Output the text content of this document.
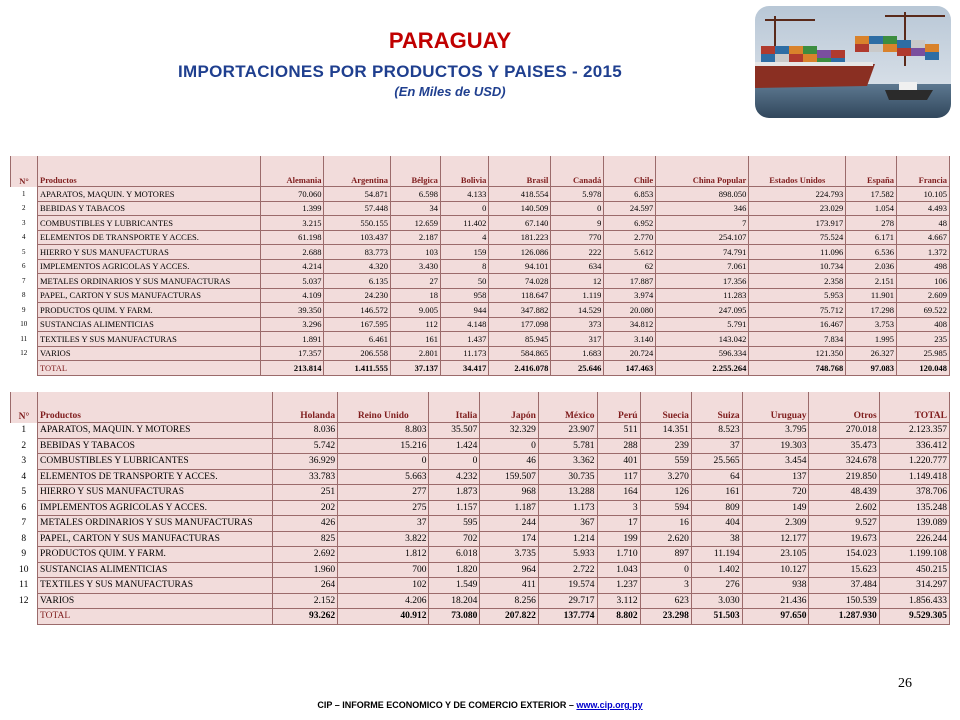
PARAGUAY
IMPORTACIONES POR PRODUCTOS Y PAISES - 2015
(En Miles de USD)
N°	Productos	Alemania	Argentina	Bélgica	Bolivia	Brasil	Canadá	Chile	China Popular	Estados Unidos	España	Francia
1	APARATOS, MAQUIN. Y MOTORES	70.060	54.871	6.598	4.133	418.554	5.978	6.853	898.050	224.793	17.582	10.105
2	BEBIDAS Y TABACOS	1.399	57.448	34	0	140.509	0	24.597	346	23.029	1.054	4.493
3	COMBUSTIBLES Y LUBRICANTES	3.215	550.155	12.659	11.402	67.140	9	6.952	7	173.917	278	48
4	ELEMENTOS DE TRANSPORTE Y ACCES.	61.198	103.437	2.187	4	181.223	770	2.770	254.107	75.524	6.171	4.667
5	HIERRO Y SUS MANUFACTURAS	2.688	83.773	103	159	126.086	222	5.612	74.791	11.096	6.536	1.372
6	IMPLEMENTOS AGRICOLAS Y ACCES.	4.214	4.320	3.430	8	94.101	634	62	7.061	10.734	2.036	498
7	METALES ORDINARIOS Y SUS MANUFACTURAS	5.037	6.135	27	50	74.028	12	17.887	17.356	2.358	2.151	106
8	PAPEL, CARTON Y SUS MANUFACTURAS	4.109	24.230	18	958	118.647	1.119	3.974	11.283	5.953	11.901	2.609
9	PRODUCTOS QUIM. Y FARM.	39.350	146.572	9.005	944	347.882	14.529	20.080	247.095	75.712	17.298	69.522
10	SUSTANCIAS ALIMENTICIAS	3.296	167.595	112	4.148	177.098	373	34.812	5.791	16.467	3.753	408
11	TEXTILES Y SUS MANUFACTURAS	1.891	6.461	161	1.437	85.945	317	3.140	143.042	7.834	1.995	235
12	VARIOS	17.357	206.558	2.801	11.173	584.865	1.683	20.724	596.334	121.350	26.327	25.985
	TOTAL	213.814	1.411.555	37.137	34.417	2.416.078	25.646	147.463	2.255.264	748.768	97.083	120.048
N°	Productos	Holanda	Reino Unido	Italia	Japón	México	Perú	Suecia	Suiza	Uruguay	Otros	TOTAL
1	APARATOS, MAQUIN. Y MOTORES	8.036	8.803	35.507	32.329	23.907	511	14.351	8.523	3.795	270.018	2.123.357
2	BEBIDAS Y TABACOS	5.742	15.216	1.424	0	5.781	288	239	37	19.303	35.473	336.412
3	COMBUSTIBLES Y LUBRICANTES	36.929	0	0	46	3.362	401	559	25.565	3.454	324.678	1.220.777
4	ELEMENTOS DE TRANSPORTE Y ACCES.	33.783	5.663	4.232	159.507	30.735	117	3.270	64	137	219.850	1.149.418
5	HIERRO Y SUS MANUFACTURAS	251	277	1.873	968	13.288	164	126	161	720	48.439	378.706
6	IMPLEMENTOS AGRICOLAS Y ACCES.	202	275	1.157	1.187	1.173	3	594	809	149	2.602	135.248
7	METALES ORDINARIOS Y SUS MANUFACTURAS	426	37	595	244	367	17	16	404	2.309	9.527	139.089
8	PAPEL, CARTON Y SUS MANUFACTURAS	825	3.822	702	174	1.214	199	2.620	38	12.177	19.673	226.244
9	PRODUCTOS QUIM. Y FARM.	2.692	1.812	6.018	3.735	5.933	1.710	897	11.194	23.105	154.023	1.199.108
10	SUSTANCIAS ALIMENTICIAS	1.960	700	1.820	964	2.722	1.043	0	1.402	10.127	15.623	450.215
11	TEXTILES Y SUS MANUFACTURAS	264	102	1.549	411	19.574	1.237	3	276	938	37.484	314.297
12	VARIOS	2.152	4.206	18.204	8.256	29.717	3.112	623	3.030	21.436	150.539	1.856.433
	TOTAL	93.262	40.912	73.080	207.822	137.774	8.802	23.298	51.503	97.650	1.287.930	9.529.305
26
CIP – INFORME ECONOMICO Y DE COMERCIO EXTERIOR – www.cip.org.py
